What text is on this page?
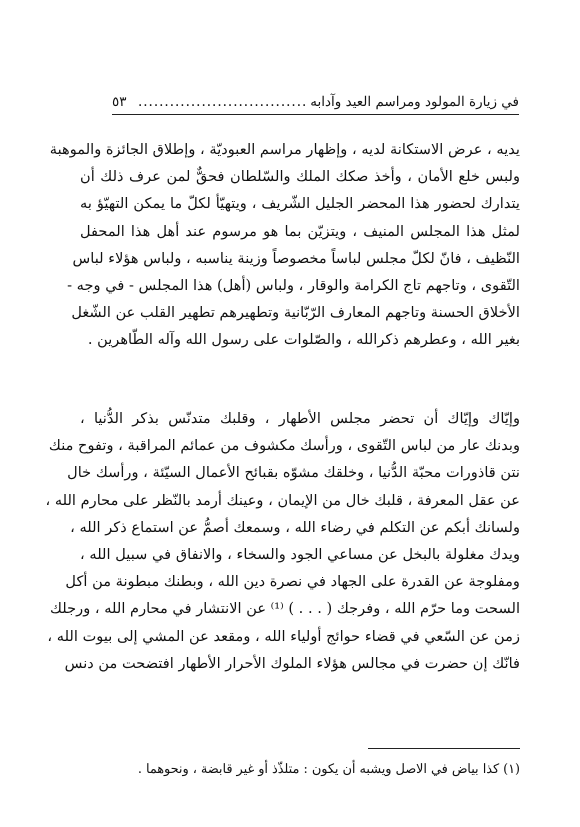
في زيارة المولود ومراسم العيد وآدابه
................................
٥٣
يديه ، عرض الاستكانة لديه ، وإظهار مراسم العبوديّة ، وإطلاق الجائزة والموهبة
ولبس خلع الأمان ، وأخذ صكك الملك والسّلطان فحقٌّ لمن عرف ذلك أن
يتدارك لحضور هذا المحضر الجليل الشّريف ، ويتهيّأ لكلّ ما يمكن التهيّؤ به
لمثل هذا المجلس المنيف ، ويتزيّن بما هو مرسوم عند أهل هذا المحفل
النّظيف ، فانّ لكلّ مجلس لباساً مخصوصاً وزينة يناسبه ، ولباس هؤلاء لباس
التّقوى ، وتاجهم تاج الكرامة والوقار ، ولباس (أهل) هذا المجلس - في وجه -
الأخلاق الحسنة وتاجهم المعارف الرّبّانية وتطهيرهم تطهير القلب عن الشّغل
بغير الله ، وعطرهم ذكرالله ، والصّلوات على رسول الله وآله الطّاهرين .
وإيّاك وإيّاك أن تحضر مجلس الأطهار ، وقلبك متدنّس بذكر الدُّنيا ،
وبدنك عار من لباس التّقوى ، ورأسك مكشوف من عمائم المراقبة ، وتفوح منك
نتن قاذورات محبّة الدُّنيا ، وخلقك مشوّه بقبائح الأعمال السيّئة ، ورأسك خال
عن عقل المعرفة ، قلبك خال من الإيمان ، وعينك أرمد بالنّظر على محارم الله ،
ولسانك أبكم عن التكلم في رضاء الله ، وسمعك أصمُّ عن استماع ذكر الله ،
ويدك مغلولة بالبخل عن مساعي الجود والسخاء ، والانفاق في سبيل الله ،
ومفلوجة عن القدرة على الجهاد في نصرة دين الله ، وبطنك مبطونة من أكل
السحت وما حرّم الله ، وفرجك ( . . . ) ⁽¹⁾ عن الانتشار في محارم الله ، ورجلك
زمن عن السّعي في قضاء حوائج أولياء الله ، ومقعد عن المشي إلى بيوت الله ،
فانّك إن حضرت في مجالس هؤلاء الملوك الأحرار الأطهار افتضحت من دنس
(١) كذا بياض في الاصل ويشبه أن يكون : متلذّذ أو غير قابضة ، ونحوهما .
